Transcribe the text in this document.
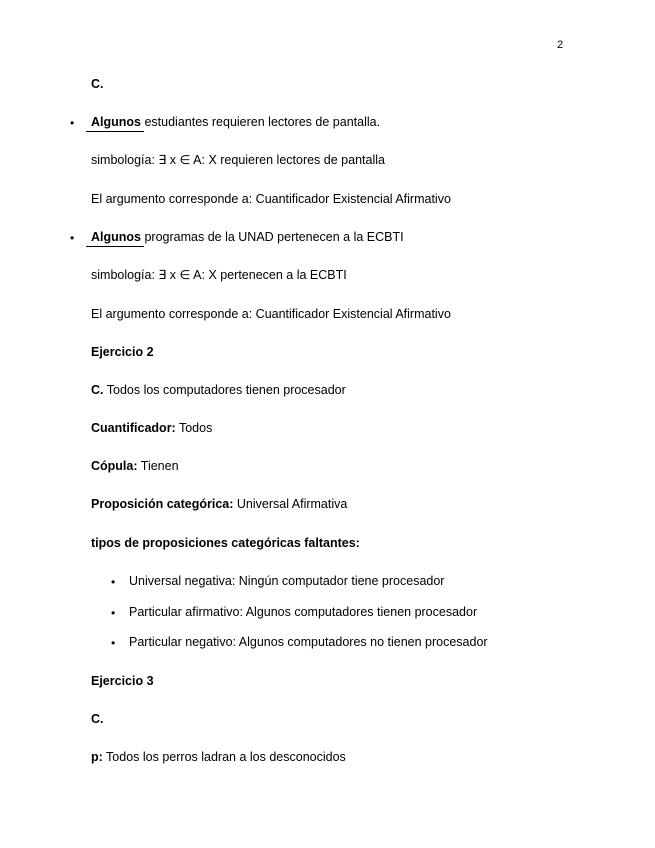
2
C.
• Algunos estudiantes requieren lectores de pantalla.
simbología: ∃ x ∈ A: X requieren lectores de pantalla
El argumento corresponde a: Cuantificador Existencial Afirmativo
• Algunos programas de la UNAD pertenecen a la ECBTI
simbología: ∃ x ∈ A: X pertenecen a la ECBTI
El argumento corresponde a: Cuantificador Existencial Afirmativo
Ejercicio 2
C. Todos los computadores tienen procesador
Cuantificador: Todos
Cópula: Tienen
Proposición categórica: Universal Afirmativa
tipos de proposiciones categóricas faltantes:
• Universal negativa: Ningún computador tiene procesador
• Particular afirmativo: Algunos computadores tienen procesador
• Particular negativo: Algunos computadores no tienen procesador
Ejercicio 3
C.
p: Todos los perros ladran a los desconocidos
